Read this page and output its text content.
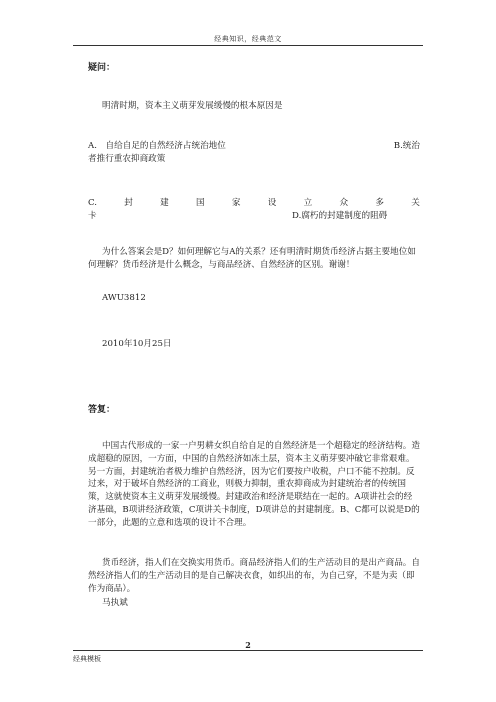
经典知识，经典范文
疑问：
明清时期，资本主义萌芽发展缓慢的根本原因是
A.　自给自足的自然经济占统治地位	B.统治
者推行重农抑商政策
C.	封	建	国	家	设	立	众	多	关
卡	D.腐朽的封建制度的阻碍
为什么答案会是D？如何理解它与A的关系？还有明清时期货币经济占据主要地位如何理解？货币经济是什么概念，与商品经济、自然经济的区别。谢谢！
AWU3812
2010年10月25日
答复：
中国古代形成的一家一户男耕女织自给自足的自然经济是一个超稳定的经济结构。造成超稳的原因，一方面，中国的自然经济如冻土层，资本主义萌芽要冲破它非常艰难。另一方面，封建统治者极力维护自然经济，因为它们要按户收税，户口不能不控制。反过来，对于破坏自然经济的工商业，则极力抑制，重农抑商成为封建统治者的传统国策，这就使资本主义萌芽发展缓慢。封建政治和经济是联结在一起的。A项讲社会的经济基础，B项讲经济政策，C项讲关卡制度，D项讲总的封建制度。B、C都可以说是D的一部分，此题的立意和选项的设计不合理。
货币经济，指人们在交换实用货币。商品经济指人们的生产活动目的是出产商品。自然经济指人们的生产活动目的是自己解决衣食，如织出的布，为自己穿，不是为卖（即作为商品）。
马执斌
2
经典模板
